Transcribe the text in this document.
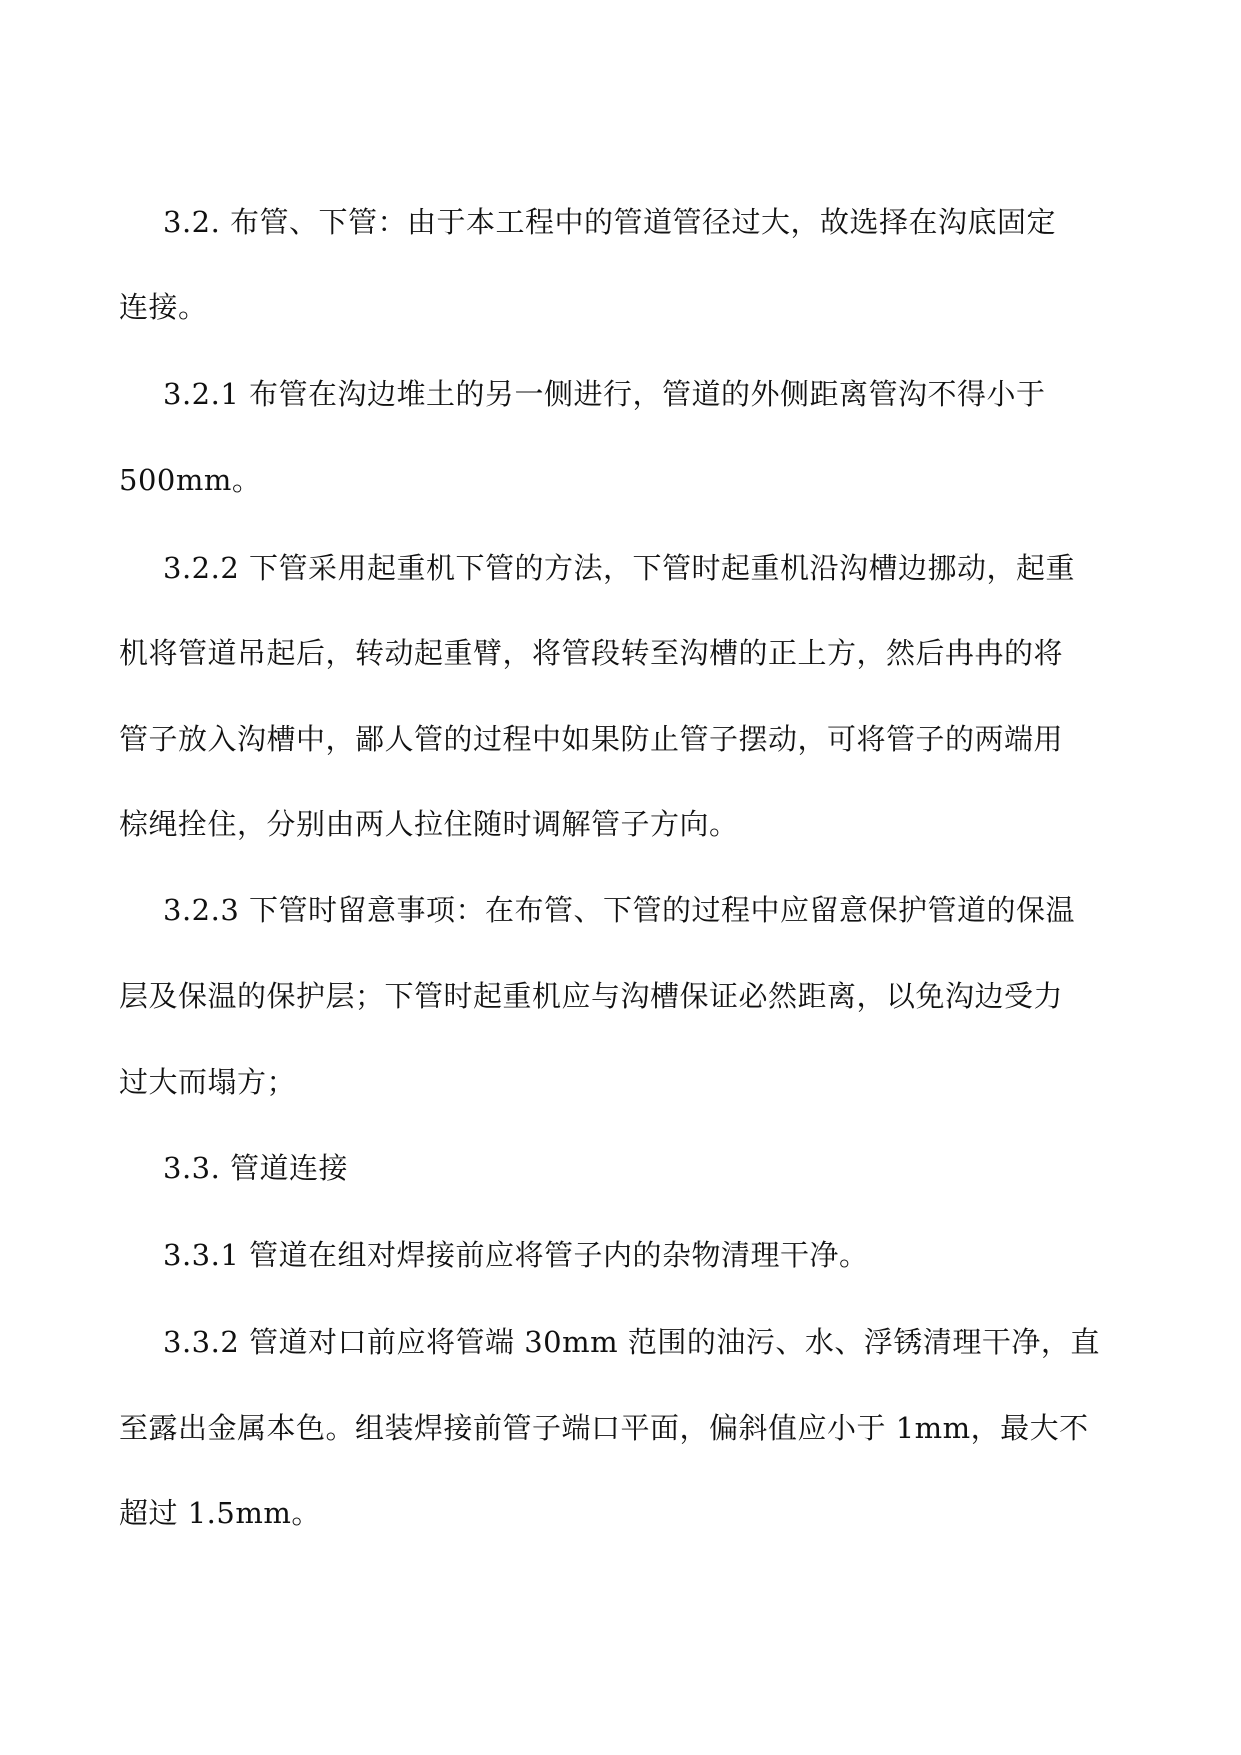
3.2. 布管、下管：由于本工程中的管道管径过大，故选择在沟底固定
连接。
3.2.1 布管在沟边堆土的另一侧进行，管道的外侧距离管沟不得小于
500mm。
3.2.2 下管采用起重机下管的方法，下管时起重机沿沟槽边挪动，起重
机将管道吊起后，转动起重臂，将管段转至沟槽的正上方，然后冉冉的将
管子放入沟槽中，鄙人管的过程中如果防止管子摆动，可将管子的两端用
棕绳拴住，分别由两人拉住随时调解管子方向。
3.2.3 下管时留意事项：在布管、下管的过程中应留意保护管道的保温
层及保温的保护层；下管时起重机应与沟槽保证必然距离，以免沟边受力
过大而塌方；
3.3. 管道连接
3.3.1 管道在组对焊接前应将管子内的杂物清理干净。
3.3.2 管道对口前应将管端 30mm 范围的油污、水、浮锈清理干净，直
至露出金属本色。组装焊接前管子端口平面，偏斜值应小于 1mm，最大不
超过 1.5mm。
